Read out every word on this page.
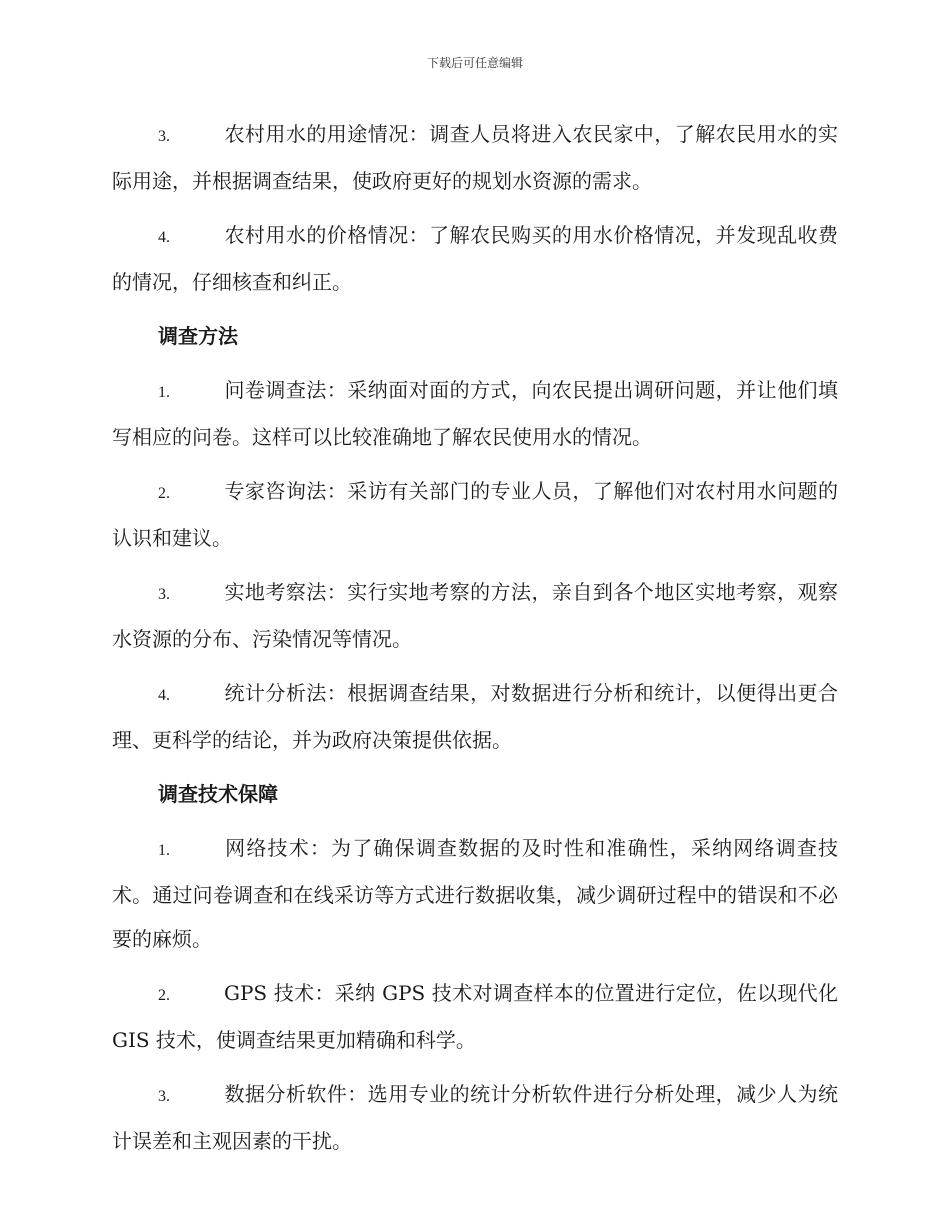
下载后可任意编辑

3.	农村用水的用途情况：调查人员将进入农民家中，了解农民用水的实际用途，并根据调查结果，使政府更好的规划水资源的需求。

4.	农村用水的价格情况：了解农民购买的用水价格情况，并发现乱收费的情况，仔细核查和纠正。

调查方法

1.	问卷调查法：采纳面对面的方式，向农民提出调研问题，并让他们填写相应的问卷。这样可以比较准确地了解农民使用水的情况。

2.	专家咨询法：采访有关部门的专业人员，了解他们对农村用水问题的认识和建议。

3.	实地考察法：实行实地考察的方法，亲自到各个地区实地考察，观察水资源的分布、污染情况等情况。

4.	统计分析法：根据调查结果，对数据进行分析和统计，以便得出更合理、更科学的结论，并为政府决策提供依据。

调查技术保障

1.	网络技术：为了确保调查数据的及时性和准确性，采纳网络调查技术。通过问卷调查和在线采访等方式进行数据收集，减少调研过程中的错误和不必要的麻烦。

2.	GPS 技术：采纳 GPS 技术对调查样本的位置进行定位，佐以现代化 GIS 技术，使调查结果更加精确和科学。

3.	数据分析软件：选用专业的统计分析软件进行分析处理，减少人为统计误差和主观因素的干扰。
